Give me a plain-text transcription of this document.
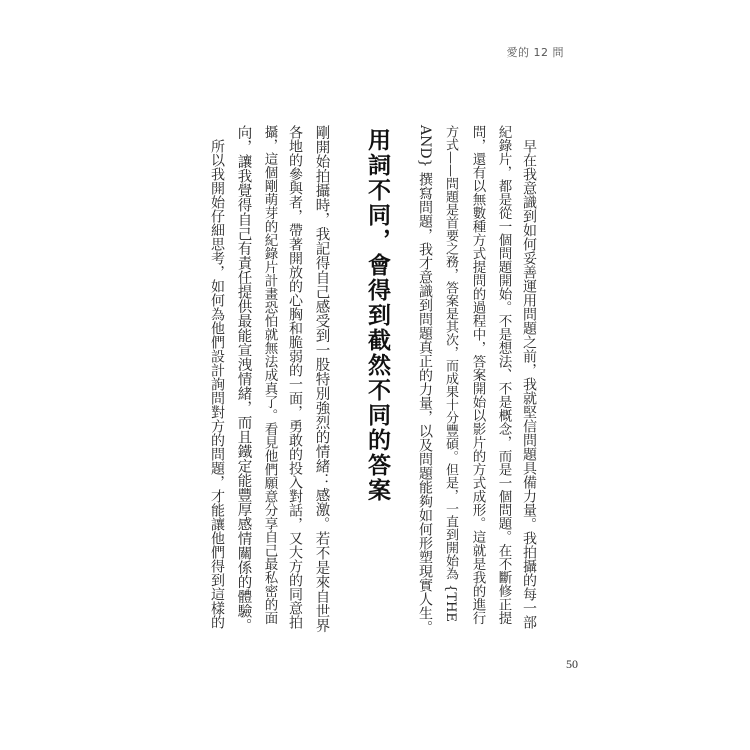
愛的 12 問
　早在我意識到如何妥善運用問題之前，我就堅信問題具備力量。我拍攝的每一部
紀錄片，都是從一個問題開始。不是想法、不是概念，而是一個問題。在不斷修正提
問，還有以無數種方式提問的過程中，答案開始以影片的方式成形。這就是我的進行
方式——問題是首要之務，答案是其次，而成果十分豐碩。但是，一直到開始為 {THE
AND} 撰寫問題，我才意識到問題真正的力量，以及問題能夠如何形塑現實人生。
用詞不同，會得到截然不同的答案
剛開始拍攝時，我記得自己感受到一股特別強烈的情緒：感激。若不是來自世界
各地的參與者，帶著開放的心胸和脆弱的一面，勇敢的投入對話，又大方的同意拍
攝，這個剛萌芽的紀錄片計畫恐怕就無法成真了。看見他們願意分享自己最私密的面
向，讓我覺得自己有責任提供最能宣洩情緒，而且鐵定能豐厚感情關係的體驗。
　所以我開始仔細思考，如何為他們設計詢問對方的問題，才能讓他們得到這樣的
50
